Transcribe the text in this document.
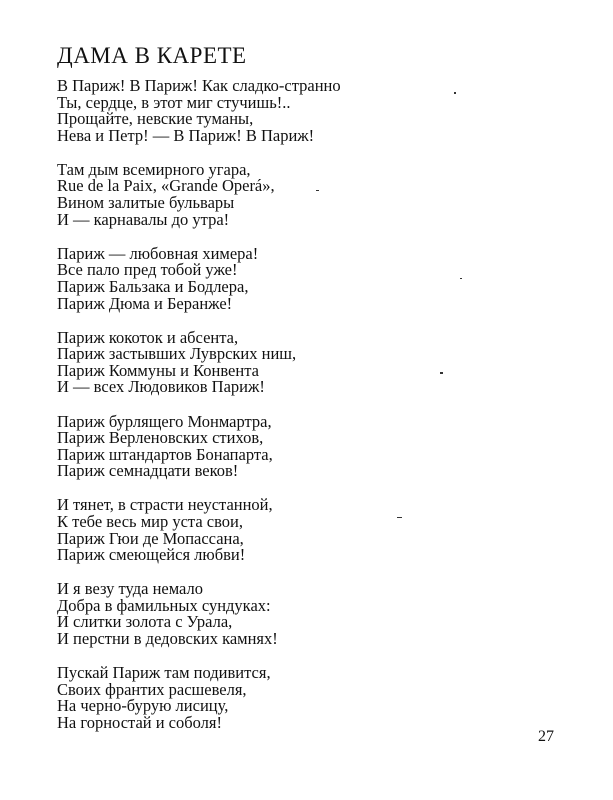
ДАМА В КАРЕТЕ
В Париж! В Париж! Как сладко-странно
Ты, сердце, в этот миг стучишь!..
Прощайте, невские туманы,
Нева и Петр! — В Париж! В Париж!
Там дым всемирного угара,
Rue de la Paix, «Grande Operá»,
Вином залитые бульвары
И — карнавалы до утра!
Париж — любовная химера!
Все пало пред тобой уже!
Париж Бальзака и Бодлера,
Париж Дюма и Беранже!
Париж кокоток и абсента,
Париж застывших Луврских ниш,
Париж Коммуны и Конвента
И — всех Людовиков Париж!
Париж бурлящего Монмартра,
Париж Верленовских стихов,
Париж штандартов Бонапарта,
Париж семнадцати веков!
И тянет, в страсти неустанной,
К тебе весь мир уста свои,
Париж Гюи де Мопассана,
Париж смеющейся любви!
И я везу туда немало
Добра в фамильных сундуках:
И слитки золота с Урала,
И перстни в дедовских камнях!
Пускай Париж там подивится,
Своих франтих расшевеля,
На черно-бурую лисицу,
На горностай и соболя!
27
